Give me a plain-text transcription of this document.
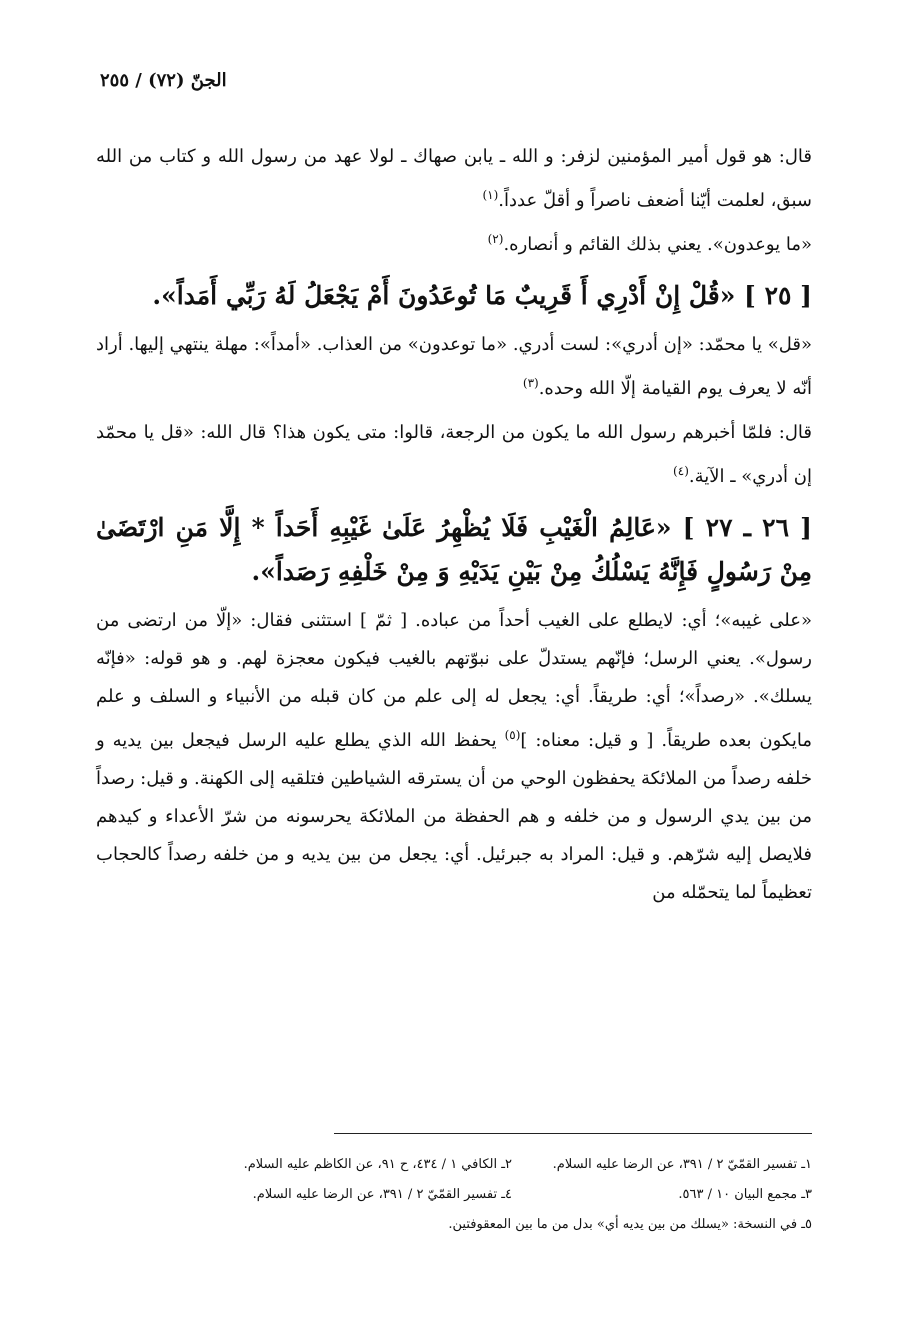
الجنّ (٧٢) / ٢٥٥

قال: هو قول أمير المؤمنين لزفر: و الله ـ يابن صهاك ـ لولا عهد من رسول الله و كتاب من الله سبق، لعلمت أيّنا أضعف ناصراً و أقلّ عدداً.$^{(١)}$

«ما يوعدون». يعني بذلك القائم و أنصاره.$^{(٢)}$

[ ٢٥ ] «قُلْ إِنْ أَدْرِي أَ قَرِيبٌ مَا تُوعَدُونَ أَمْ يَجْعَلُ لَهُ رَبِّي أَمَداً».

«قل» يا محمّد: «إن أدري»: لست أدري. «ما توعدون» من العذاب. «أمداً»: مهلة ينتهي إليها. أراد أنّه لا يعرف يوم القيامة إلّا الله وحده.$^{(٣)}$

قال: فلمّا أخبرهم رسول الله ما يكون من الرجعة، قالوا: متى يكون هذا؟ قال الله: «قل يا محمّد إن أدري» ـ الآية.$^{(٤)}$

[ ٢٦ ـ ٢٧ ] «عَالِمُ الْغَيْبِ فَلَا يُظْهِرُ عَلَىٰ غَيْبِهِ أَحَداً * إِلَّا مَنِ ارْتَضَىٰ مِنْ رَسُولٍ فَإِنَّهُ يَسْلُكُ مِنْ بَيْنِ يَدَيْهِ وَ مِنْ خَلْفِهِ رَصَداً».

«على غيبه»؛ أي: لايطلع على الغيب أحداً من عباده. [ ثمّ ] استثنى فقال: «إلّا من ارتضى من رسول». يعني الرسل؛ فإنّهم يستدلّ على نبوّتهم بالغيب فيكون معجزة لهم. و هو قوله: «فإنّه يسلك». «رصداً»؛ أي: طريقاً. أي: يجعل له إلى علم من كان قبله من الأنبياء و السلف و علم مايكون بعده طريقاً. [ و قيل: معناه: ]$^{(٥)}$ يحفظ الله الذي يطلع عليه الرسل فيجعل بين يديه و خلفه رصداً من الملائكة يحفظون الوحي من أن يسترقه الشياطين فتلقيه إلى الكهنة. و قيل: رصداً من بين يدي الرسول و من خلفه و هم الحفظة من الملائكة يحرسونه من شرّ الأعداء و كيدهم فلايصل إليه شرّهم. و قيل: المراد به جبرئيل. أي: يجعل من بين يديه و من خلفه رصداً كالحجاب تعظيماً لما يتحمّله من

١ـ تفسير القمّيّ ٢ / ٣٩١، عن الرضا عليه السلام.
٢ـ الكافي ١ / ٤٣٤، ح ٩١، عن الكاظم عليه السلام.
٣ـ مجمع البيان ١٠ / ٥٦٣.
٤ـ تفسير القمّيّ ٢ / ٣٩١، عن الرضا عليه السلام.
٥ـ في النسخة: «يسلك من بين يديه أي» بدل من ما بين المعقوفتين.
